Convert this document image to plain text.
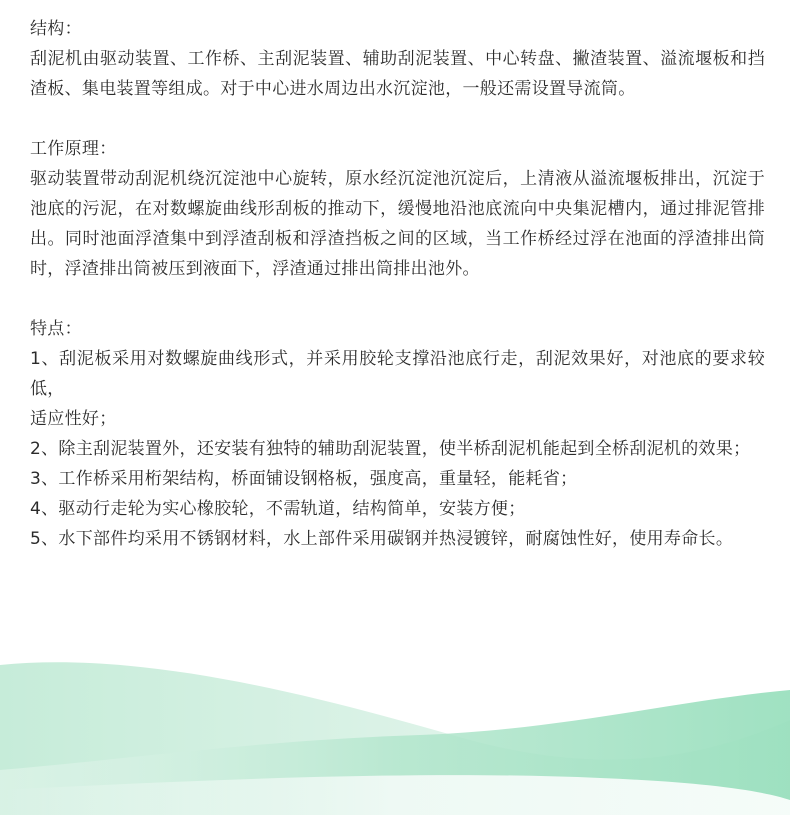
结构：

刮泥机由驱动装置、工作桥、主刮泥装置、辅助刮泥装置、中心转盘、撇渣装置、溢流堰板和挡渣板、集电装置等组成。对于中心进水周边出水沉淀池，一般还需设置导流筒。

工作原理：

驱动装置带动刮泥机绕沉淀池中心旋转，原水经沉淀池沉淀后，上清液从溢流堰板排出，沉淀于池底的污泥，在对数螺旋曲线形刮板的推动下，缓慢地沿池底流向中央集泥槽内，通过排泥管排出。同时池面浮渣集中到浮渣刮板和浮渣挡板之间的区域，当工作桥经过浮在池面的浮渣排出筒时，浮渣排出筒被压到液面下，浮渣通过排出筒排出池外。

特点：

1、刮泥板采用对数螺旋曲线形式，并采用胶轮支撑沿池底行走，刮泥效果好，对池底的要求较低，

适应性好；

2、除主刮泥装置外，还安装有独特的辅助刮泥装置，使半桥刮泥机能起到全桥刮泥机的效果；

3、工作桥采用桁架结构，桥面铺设钢格板，强度高，重量轻，能耗省；

4、驱动行走轮为实心橡胶轮，不需轨道，结构简单，安装方便；

5、水下部件均采用不锈钢材料，水上部件采用碳钢并热浸镀锌，耐腐蚀性好，使用寿命长。
